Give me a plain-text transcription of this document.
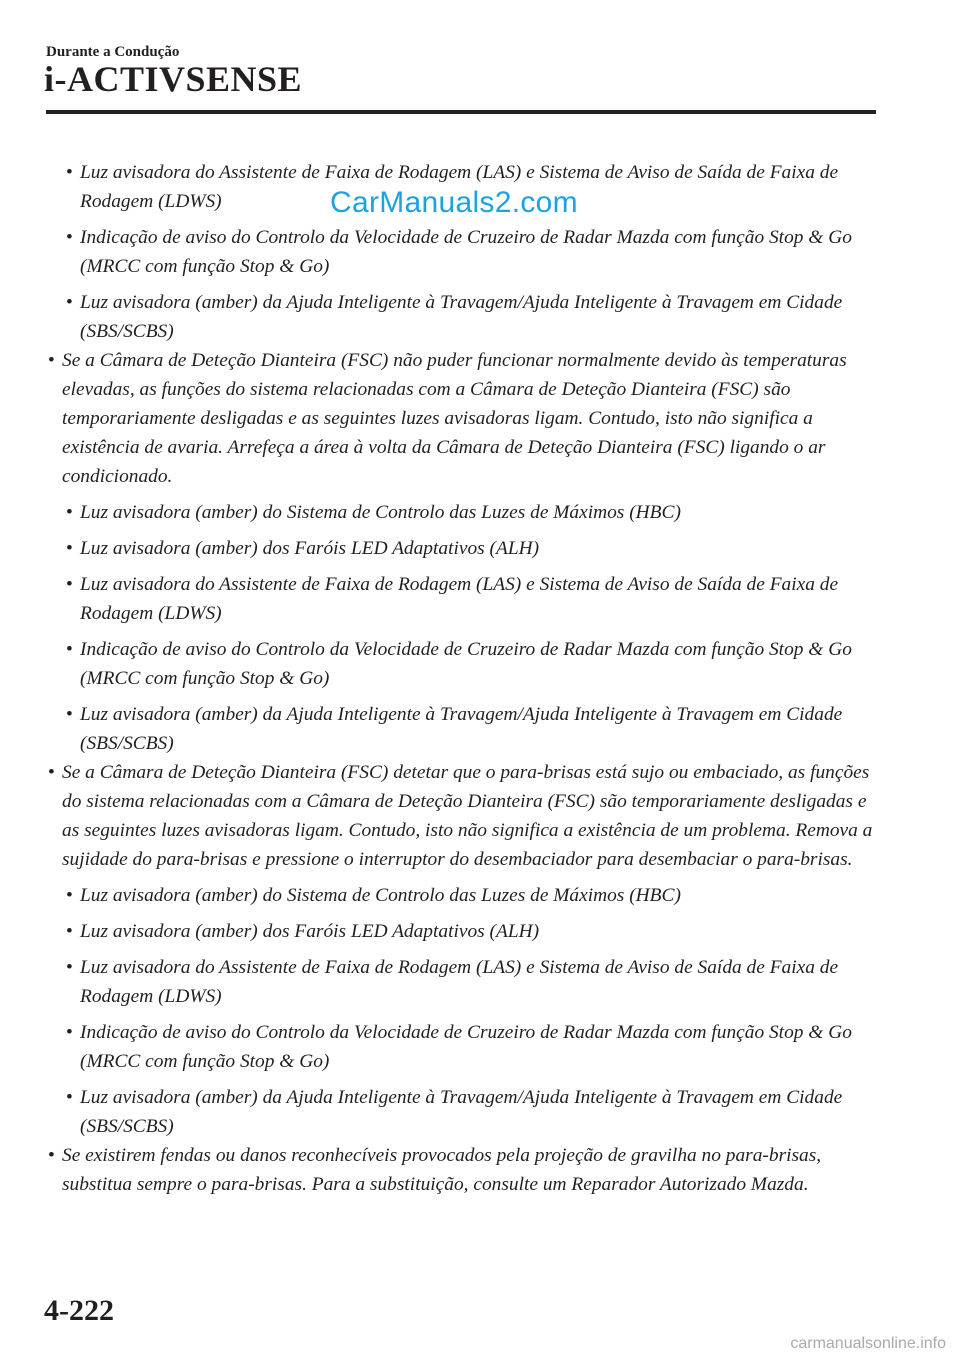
Durante a Condução
i-ACTIVSENSE
• Luz avisadora do Assistente de Faixa de Rodagem (LAS) e Sistema de Aviso de Saída de Faixa de Rodagem (LDWS)
• Indicação de aviso do Controlo da Velocidade de Cruzeiro de Radar Mazda com função Stop & Go (MRCC com função Stop & Go)
• Luz avisadora (amber) da Ajuda Inteligente à Travagem/Ajuda Inteligente à Travagem em Cidade (SBS/SCBS)
• Se a Câmara de Deteção Dianteira (FSC) não puder funcionar normalmente devido às temperaturas elevadas, as funções do sistema relacionadas com a Câmara de Deteção Dianteira (FSC) são temporariamente desligadas e as seguintes luzes avisadoras ligam. Contudo, isto não significa a existência de avaria. Arrefeça a área à volta da Câmara de Deteção Dianteira (FSC) ligando o ar condicionado.
• Luz avisadora (amber) do Sistema de Controlo das Luzes de Máximos (HBC)
• Luz avisadora (amber) dos Faróis LED Adaptativos (ALH)
• Luz avisadora do Assistente de Faixa de Rodagem (LAS) e Sistema de Aviso de Saída de Faixa de Rodagem (LDWS)
• Indicação de aviso do Controlo da Velocidade de Cruzeiro de Radar Mazda com função Stop & Go (MRCC com função Stop & Go)
• Luz avisadora (amber) da Ajuda Inteligente à Travagem/Ajuda Inteligente à Travagem em Cidade (SBS/SCBS)
• Se a Câmara de Deteção Dianteira (FSC) detetar que o para-brisas está sujo ou embaciado, as funções do sistema relacionadas com a Câmara de Deteção Dianteira (FSC) são temporariamente desligadas e as seguintes luzes avisadoras ligam. Contudo, isto não significa a existência de um problema. Remova a sujidade do para-brisas e pressione o interruptor do desembaciador para desembaciar o para-brisas.
• Luz avisadora (amber) do Sistema de Controlo das Luzes de Máximos (HBC)
• Luz avisadora (amber) dos Faróis LED Adaptativos (ALH)
• Luz avisadora do Assistente de Faixa de Rodagem (LAS) e Sistema de Aviso de Saída de Faixa de Rodagem (LDWS)
• Indicação de aviso do Controlo da Velocidade de Cruzeiro de Radar Mazda com função Stop & Go (MRCC com função Stop & Go)
• Luz avisadora (amber) da Ajuda Inteligente à Travagem/Ajuda Inteligente à Travagem em Cidade (SBS/SCBS)
• Se existirem fendas ou danos reconhecíveis provocados pela projeção de gravilha no para-brisas, substitua sempre o para-brisas. Para a substituição, consulte um Reparador Autorizado Mazda.
CarManuals2.com
4-222
carmanualsonline.info
